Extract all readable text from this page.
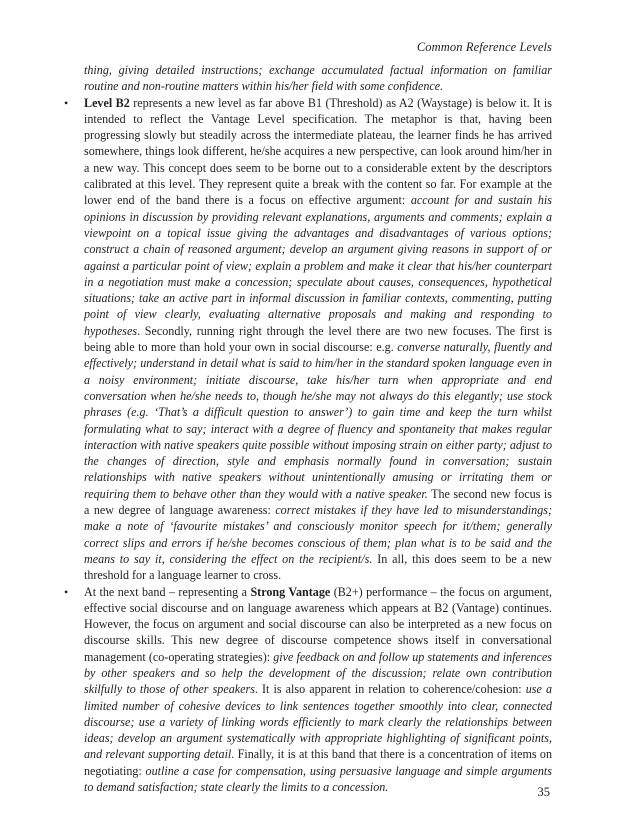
Common Reference Levels

thing, giving detailed instructions; exchange accumulated factual information on familiar routine and non-routine matters within his/her field with some confidence.

• Level B2 represents a new level as far above B1 (Threshold) as A2 (Waystage) is below it. It is intended to reflect the Vantage Level specification. The metaphor is that, having been progressing slowly but steadily across the intermediate plateau, the learner finds he has arrived somewhere, things look different, he/she acquires a new perspective, can look around him/her in a new way. This concept does seem to be borne out to a considerable extent by the descriptors calibrated at this level. They represent quite a break with the content so far. For example at the lower end of the band there is a focus on effective argument: account for and sustain his opinions in discussion by providing relevant explanations, arguments and comments; explain a viewpoint on a topical issue giving the advantages and disadvantages of various options; construct a chain of reasoned argument; develop an argument giving reasons in support of or against a particular point of view; explain a problem and make it clear that his/her counterpart in a negotiation must make a concession; speculate about causes, consequences, hypothetical situations; take an active part in informal discussion in familiar contexts, commenting, putting point of view clearly, evaluating alternative proposals and making and responding to hypotheses. Secondly, running right through the level there are two new focuses. The first is being able to more than hold your own in social discourse: e.g. converse naturally, fluently and effectively; understand in detail what is said to him/her in the standard spoken language even in a noisy environment; initiate discourse, take his/her turn when appropriate and end conversation when he/she needs to, though he/she may not always do this elegantly; use stock phrases (e.g. ‘That’s a difficult question to answer’) to gain time and keep the turn whilst formulating what to say; interact with a degree of fluency and spontaneity that makes regular interaction with native speakers quite possible without imposing strain on either party; adjust to the changes of direction, style and emphasis normally found in conversation; sustain relationships with native speakers without unintentionally amusing or irritating them or requiring them to behave other than they would with a native speaker. The second new focus is a new degree of language awareness: correct mistakes if they have led to misunderstandings; make a note of ‘favourite mistakes’ and consciously monitor speech for it/them; generally correct slips and errors if he/she becomes conscious of them; plan what is to be said and the means to say it, considering the effect on the recipient/s. In all, this does seem to be a new threshold for a language learner to cross.
• At the next band – representing a Strong Vantage (B2+) performance – the focus on argument, effective social discourse and on language awareness which appears at B2 (Vantage) continues. However, the focus on argument and social discourse can also be interpreted as a new focus on discourse skills. This new degree of discourse competence shows itself in conversational management (co-operating strategies): give feedback on and follow up statements and inferences by other speakers and so help the development of the discussion; relate own contribution skilfully to those of other speakers. It is also apparent in relation to coherence/cohesion: use a limited number of cohesive devices to link sentences together smoothly into clear, connected discourse; use a variety of linking words efficiently to mark clearly the relationships between ideas; develop an argument systematically with appropriate highlighting of significant points, and relevant supporting detail. Finally, it is at this band that there is a concentration of items on negotiating: outline a case for compensation, using persuasive language and simple arguments to demand satisfaction; state clearly the limits to a concession.	35
